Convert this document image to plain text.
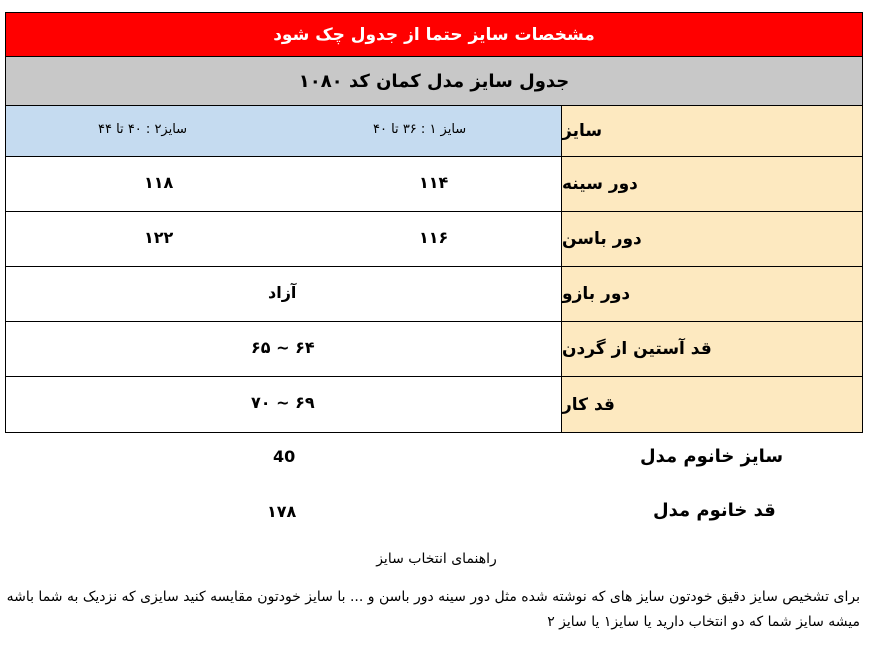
مشخصات سایز حتما از جدول چک شود
جدول سایز مدل کمان کد ۱۰۸۰
سایز۲ : ۴۰ تا ۴۴	سایز ۱ : ۳۶ تا ۴۰	سایز
۱۱۸	۱۱۴	دور سینه
۱۲۲	۱۱۶	دور باسن
آزاد	دور بازو
۶۴ ~ ۶۵	قد آستین از گردن
۶۹ ~ ۷۰	قد کار
سایز خانوم مدل
40
قد خانوم مدل
۱۷۸
راهنمای انتخاب سایز
برای تشخیص سایز دقیق خودتون سایز های که نوشته شده مثل دور سینه دور باسن و ... با سایز خودتون مقایسه کنید سایزی که نزدیک به شما باشه میشه سایز شما که دو انتخاب دارید یا سایز۱ یا سایز ۲
